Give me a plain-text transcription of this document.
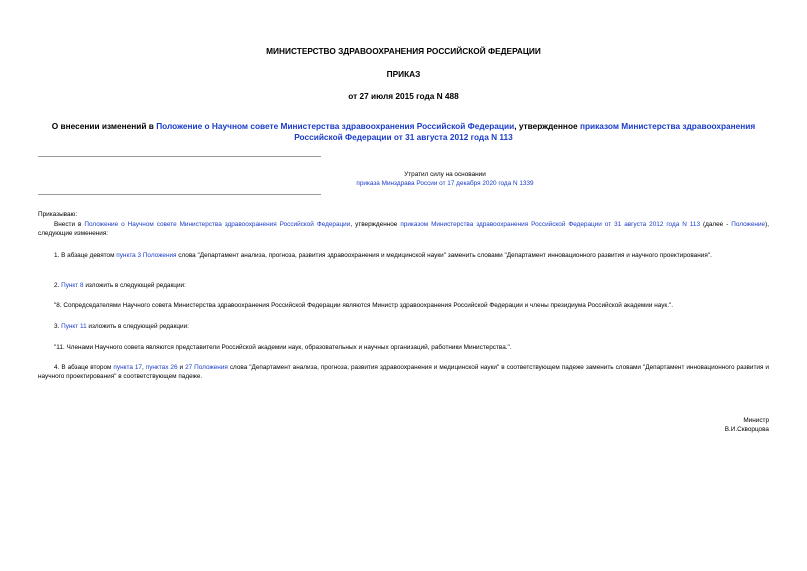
МИНИСТЕРСТВО ЗДРАВООХРАНЕНИЯ РОССИЙСКОЙ ФЕДЕРАЦИИ
ПРИКАЗ
от 27 июля 2015 года N 488
О внесении изменений в Положение о Научном совете Министерства здравоохранения Российской Федерации, утвержденное приказом Министерства здравоохранения Российской Федерации от 31 августа 2012 года N 113
Утратил силу на основании
приказа Минздрава России от 17 декабря 2020 года N 1339
Приказываю:
Внести в Положение о Научном совете Министерства здравоохранения Российской Федерации, утвержденное приказом Министерства здравоохранения Российской Федерации от 31 августа 2012 года N 113 (далее - Положение), следующие изменения:
1. В абзаце девятом пункта 3 Положения слова "Департамент анализа, прогноза, развития здравоохранения и медицинской науки" заменить словами "Департамент инновационного развития и научного проектирования".
2. Пункт 8 изложить в следующей редакции:
"8. Сопредседателями Научного совета Министерства здравоохранения Российской Федерации являются Министр здравоохранения Российской Федерации и члены президиума Российской академии наук.".
3. Пункт 11 изложить в следующей редакции:
"11. Членами Научного совета являются представители Российской академии наук, образовательных и научных организаций, работники Министерства.".
4. В абзаце втором пункта 17, пунктах 26 и 27 Положения слова "Департамент анализа, прогноза, развития здравоохранения и медицинской науки" в соответствующем падеже заменить словами "Департамент инновационного развития и научного проектирования" в соответствующем падеже.
Министр
В.И.Скворцова
